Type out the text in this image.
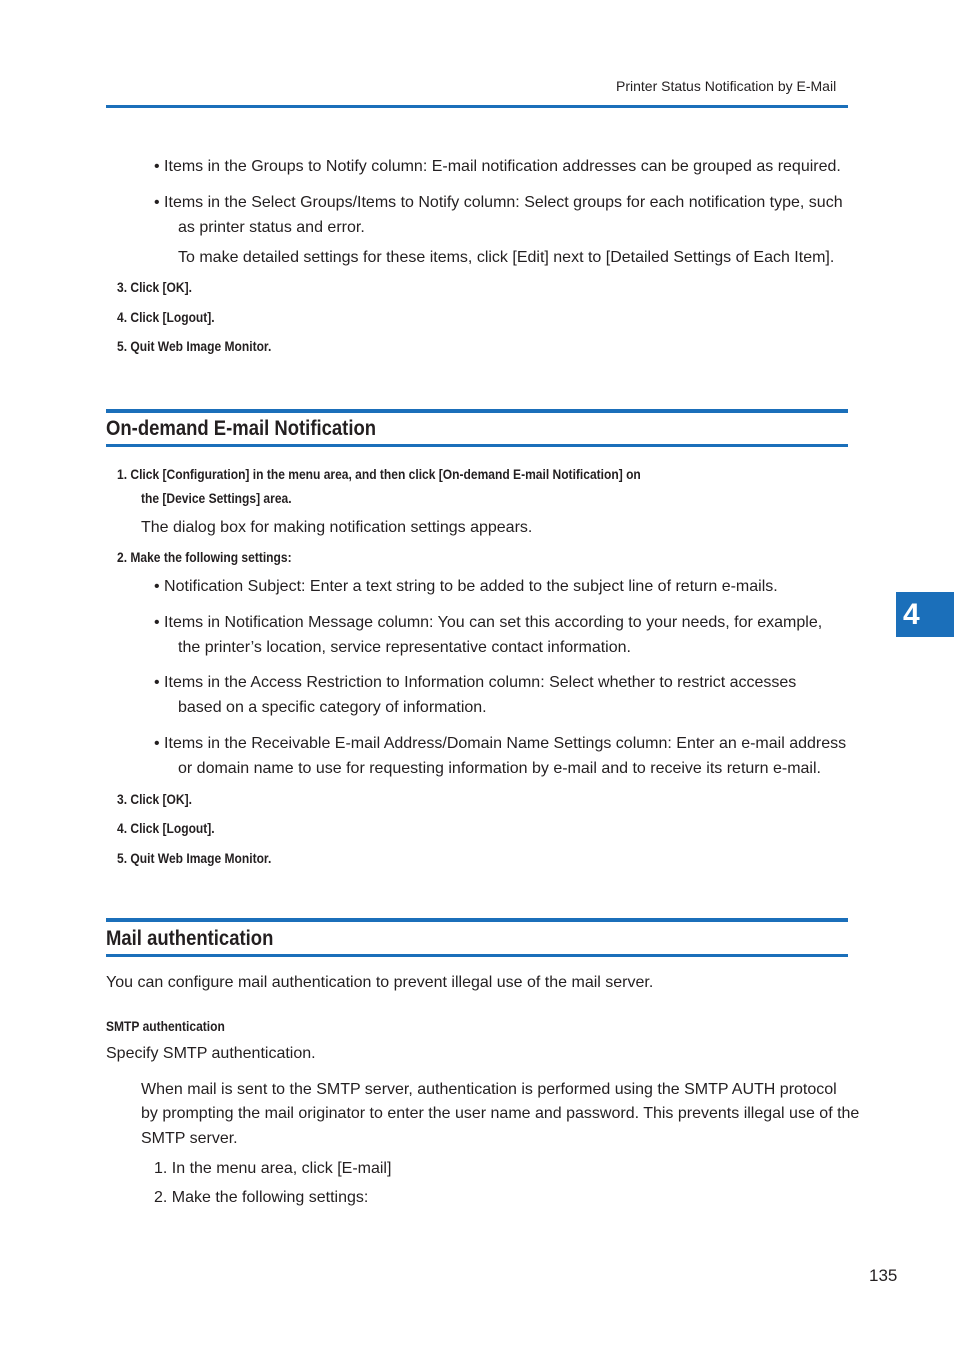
Printer Status Notification by E-Mail
• Items in the Groups to Notify column: E-mail notification addresses can be grouped as required.
• Items in the Select Groups/Items to Notify column: Select groups for each notification type, such
as printer status and error.
To make detailed settings for these items, click [Edit] next to [Detailed Settings of Each Item].
3. Click [OK].
4. Click [Logout].
5. Quit Web Image Monitor.
On-demand E-mail Notification
1. Click [Configuration] in the menu area, and then click [On-demand E-mail Notification] on
the [Device Settings] area.
The dialog box for making notification settings appears.
2. Make the following settings:
• Notification Subject: Enter a text string to be added to the subject line of return e-mails.
• Items in Notification Message column: You can set this according to your needs, for example,
the printer’s location, service representative contact information.
• Items in the Access Restriction to Information column: Select whether to restrict accesses
based on a specific category of information.
• Items in the Receivable E-mail Address/Domain Name Settings column: Enter an e-mail address
or domain name to use for requesting information by e-mail and to receive its return e-mail.
3. Click [OK].
4. Click [Logout].
5. Quit Web Image Monitor.
Mail authentication
You can configure mail authentication to prevent illegal use of the mail server.
SMTP authentication
Specify SMTP authentication.
When mail is sent to the SMTP server, authentication is performed using the SMTP AUTH protocol
by prompting the mail originator to enter the user name and password. This prevents illegal use of the
SMTP server.
1. In the menu area, click [E-mail]
2. Make the following settings:
4
135
